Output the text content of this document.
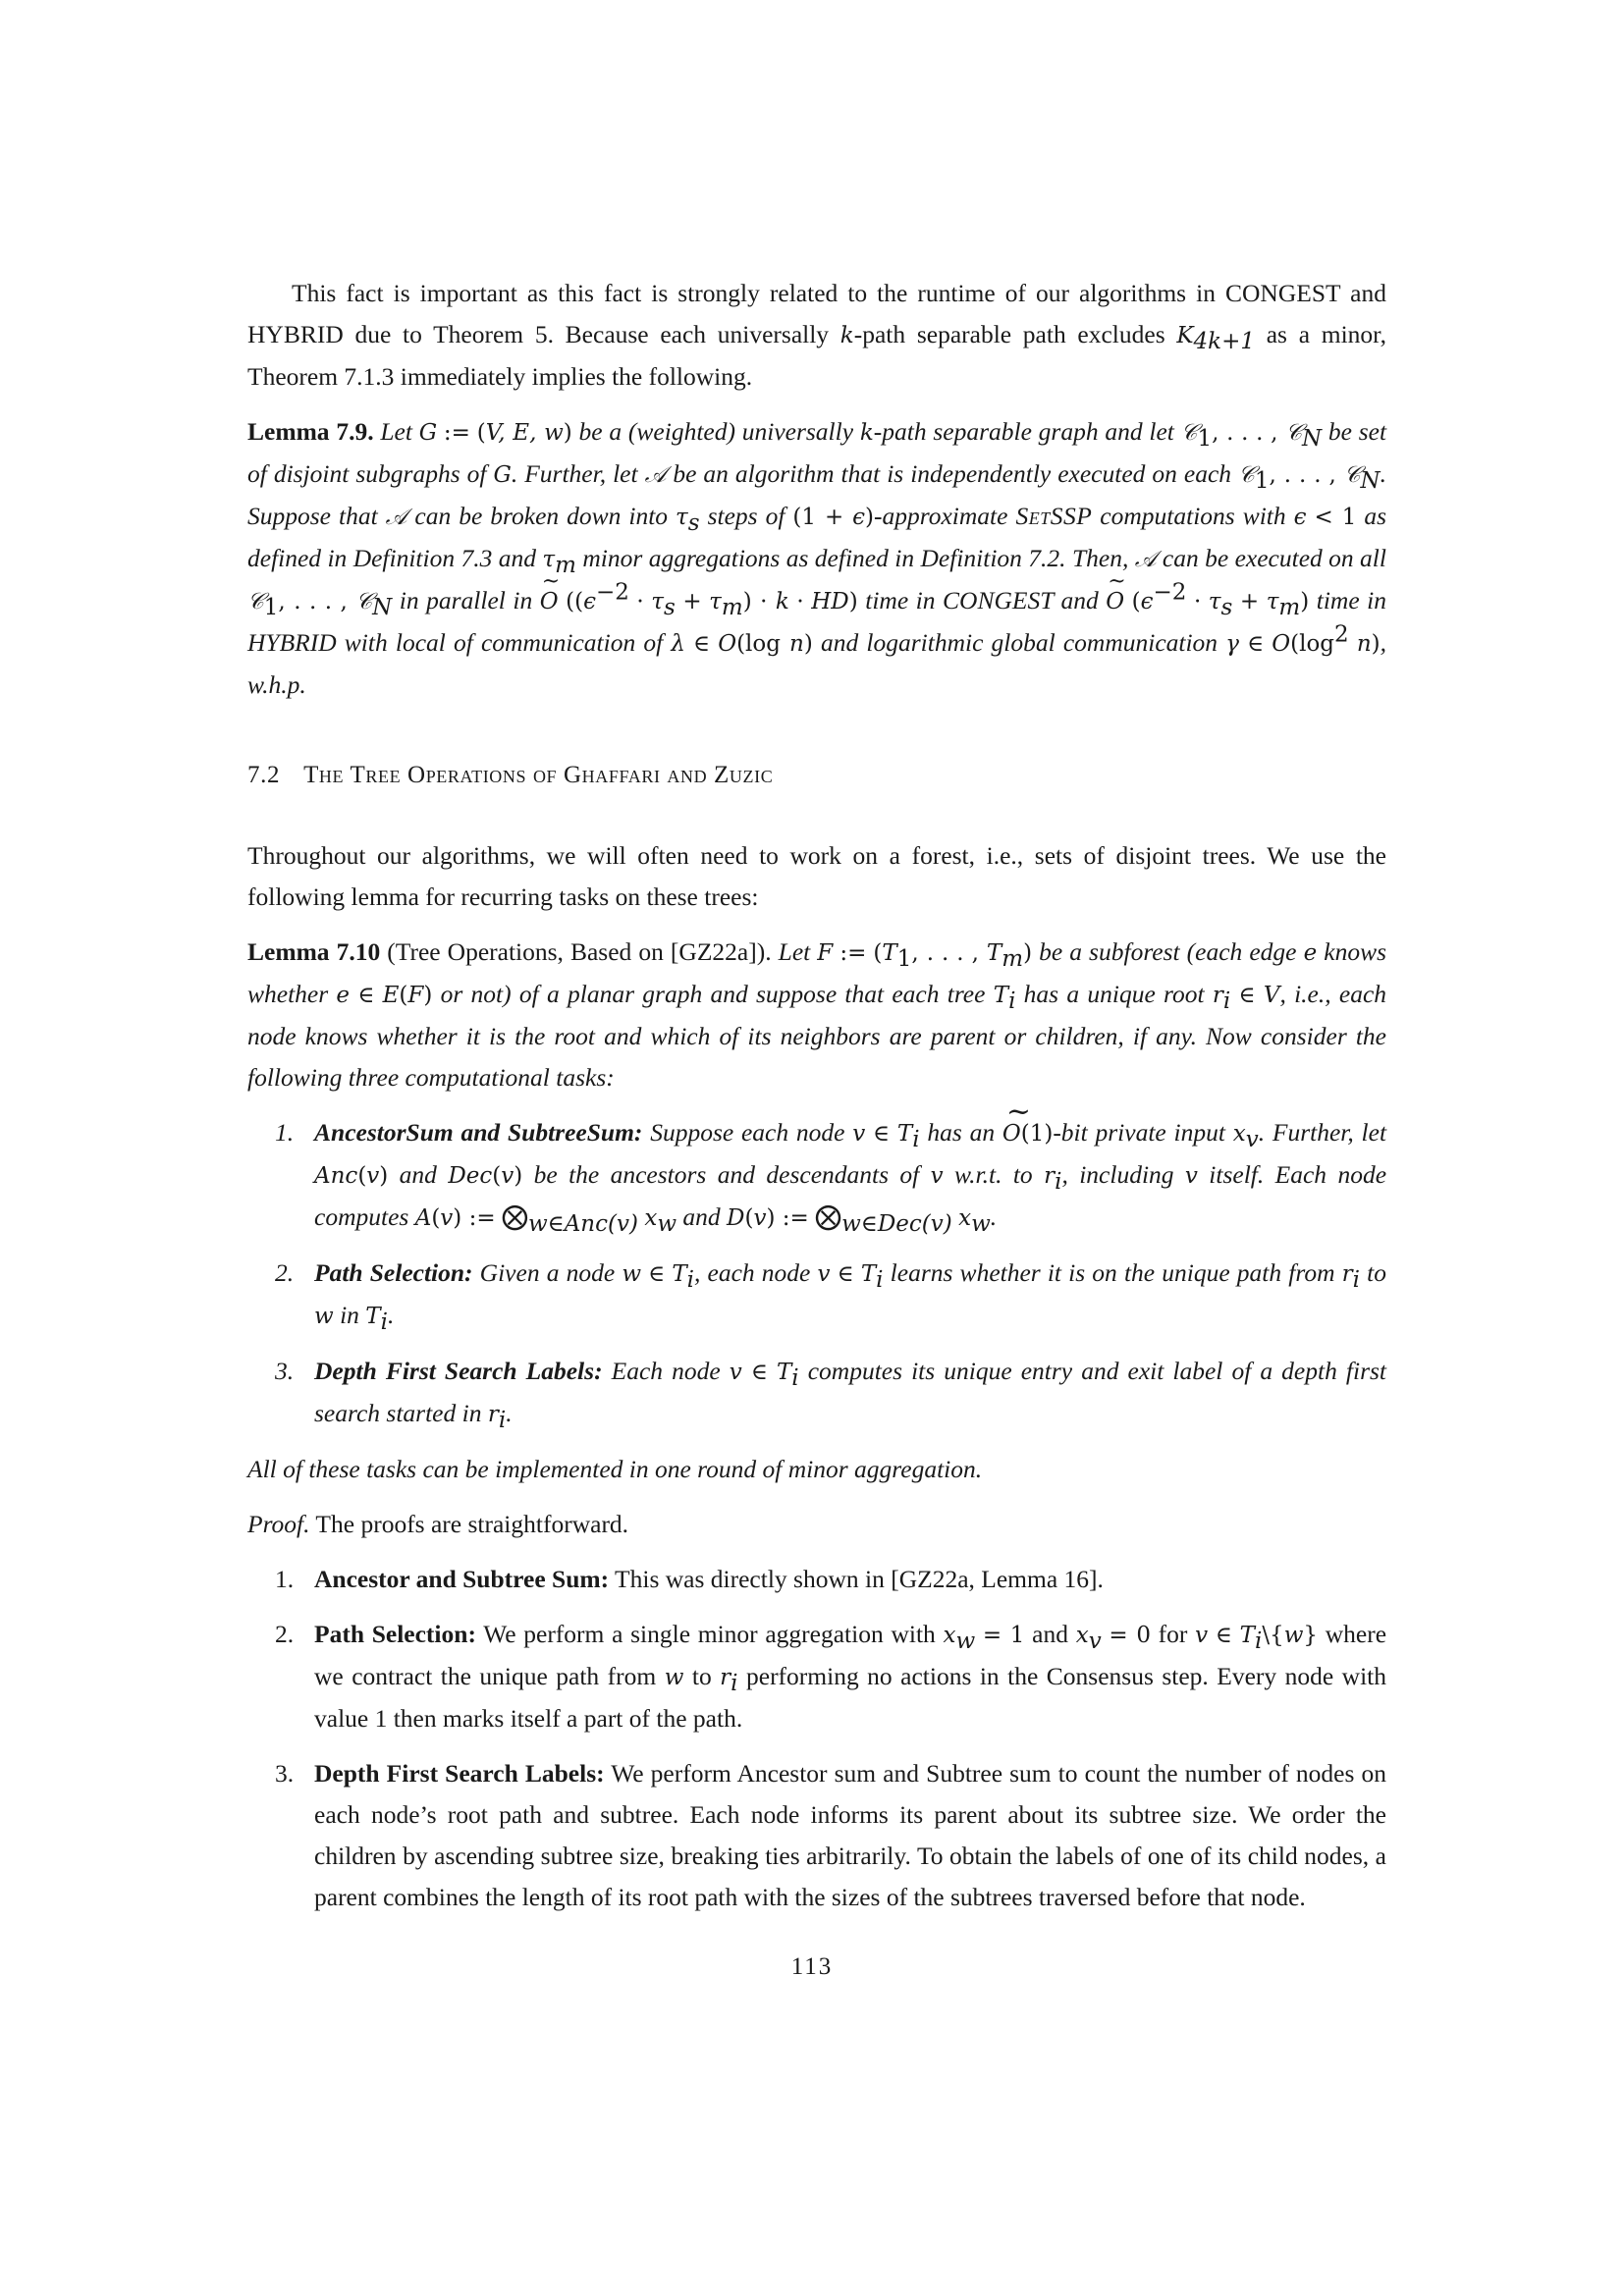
This fact is important as this fact is strongly related to the runtime of our algorithms in CONGEST and HYBRID due to Theorem 5. Because each universally k-path separable path excludes $K_{4k+1}$ as a minor, Theorem 7.1.3 immediately implies the following.

Lemma 7.9. Let G := (V, E, w) be a (weighted) universally k-path separable graph and let 𝒞$_1$, . . . , 𝒞$_N$ be set of disjoint subgraphs of G. Further, let 𝒜 be an algorithm that is independently executed on each 𝒞$_1$, . . . , 𝒞$_N$. Suppose that 𝒜 can be broken down into $\tau_s$ steps of (1 + ϵ)-approximate SetSSP computations with ϵ < 1 as defined in Definition 7.3 and $\tau_m$ minor aggregations as defined in Definition 7.2. Then, 𝒜 can be executed on all 𝒞$_1$, . . . , 𝒞$_N$ in parallel in ~ O $((\epsilon^{-2} \cdot \tau_s + \tau_m) \cdot k \cdot HD)$ time in CONGEST and ~ O $(\epsilon^{-2} \cdot \tau_s + \tau_m)$ time in HYBRID with local of communication of λ ∈ O(log n) and logarithmic global communication γ ∈ $O(\log^2$ n), w.h.p.

7.2 The Tree Operations of Ghaffari and Zuzic

Throughout our algorithms, we will often need to work on a forest, i.e., sets of disjoint trees. We use the following lemma for recurring tasks on these trees:

Lemma 7.10 (Tree Operations, Based on [GZ22a]). Let F := ($T_1$, . . . , $T_m$) be a subforest (each edge e knows whether e ∈ E(F) or not) of a planar graph and suppose that each tree $T_i$ has a unique root $r_i$ ∈ V, i.e., each node knows whether it is the root and which of its neighbors are parent or children, if any. Now consider the following three computational tasks:

1. AncestorSum and SubtreeSum: Suppose each node v ∈ $T_i$ has an ~ O(1)-bit private input $x_v$. Further, let Anc(v) and Dec(v) be the ancestors and descendants of v w.r.t. to $r_i$, including v itself. Each node computes A(v) := $⨂_{w\in Anc(v)}$ $x_w$ and D(v) := $⨂_{w\in Dec(v)}$ $x_w$.
2. Path Selection: Given a node w ∈ $T_i$, each node v ∈ $T_i$ learns whether it is on the unique path from $r_i$ to w in $T_i$.
3. Depth First Search Labels: Each node v ∈ $T_i$ computes its unique entry and exit label of a depth first search started in $r_i$.

All of these tasks can be implemented in one round of minor aggregation.

Proof. The proofs are straightforward.

1. Ancestor and Subtree Sum: This was directly shown in [GZ22a, Lemma 16].
2. Path Selection: We perform a single minor aggregation with $x_w = 1$ and $x_v = 0$ for v ∈ $T_i\backslash\{w\}$ where we contract the unique path from w to $r_i$ performing no actions in the Consensus step. Every node with value 1 then marks itself a part of the path.
3. Depth First Search Labels: We perform Ancestor sum and Subtree sum to count the number of nodes on each node’s root path and subtree. Each node informs its parent about its subtree size. We order the children by ascending subtree size, breaking ties arbitrarily. To obtain the labels of one of its child nodes, a parent combines the length of its root path with the sizes of the subtrees traversed before that node.
113
